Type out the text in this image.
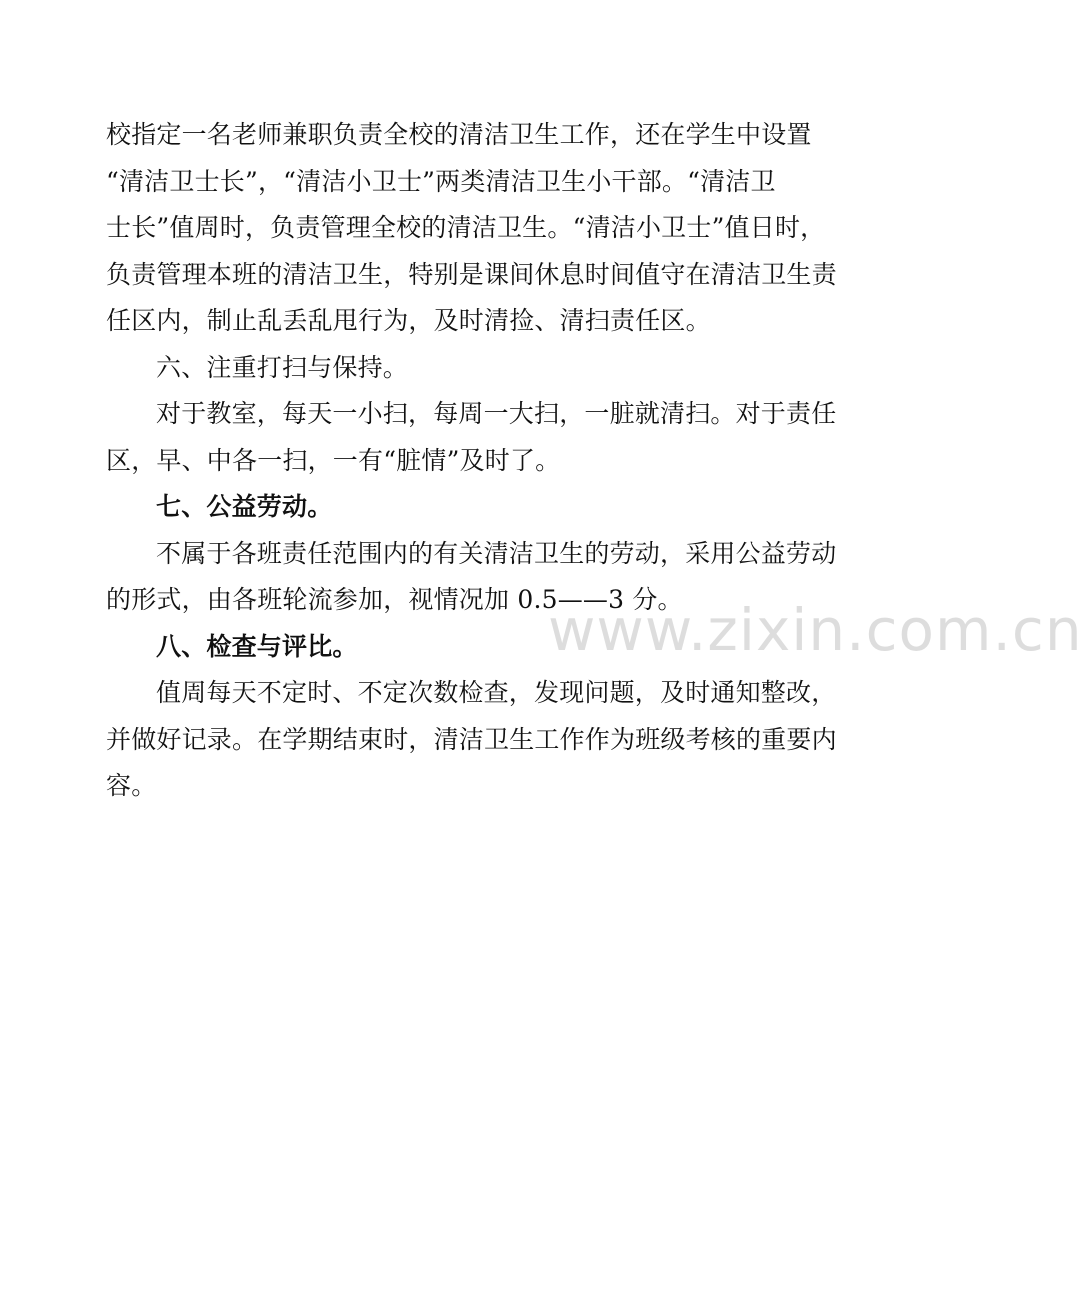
校指定一名老师兼职负责全校的清洁卫生工作，还在学生中设置
“清洁卫士长”，“清洁小卫士”两类清洁卫生小干部。“清洁卫
士长”值周时，负责管理全校的清洁卫生。“清洁小卫士”值日时，
负责管理本班的清洁卫生，特别是课间休息时间值守在清洁卫生责
任区内，制止乱丢乱甩行为，及时清捡、清扫责任区。
六、注重打扫与保持。
对于教室，每天一小扫，每周一大扫，一脏就清扫。对于责任
区，早、中各一扫，一有“脏情”及时了。
七、公益劳动。
不属于各班责任范围内的有关清洁卫生的劳动，采用公益劳动
的形式，由各班轮流参加，视情况加 0.5——3 分。
八、检查与评比。
值周每天不定时、不定次数检查，发现问题，及时通知整改，
并做好记录。在学期结束时，清洁卫生工作作为班级考核的重要内
容。
www.zixin.com.cn
